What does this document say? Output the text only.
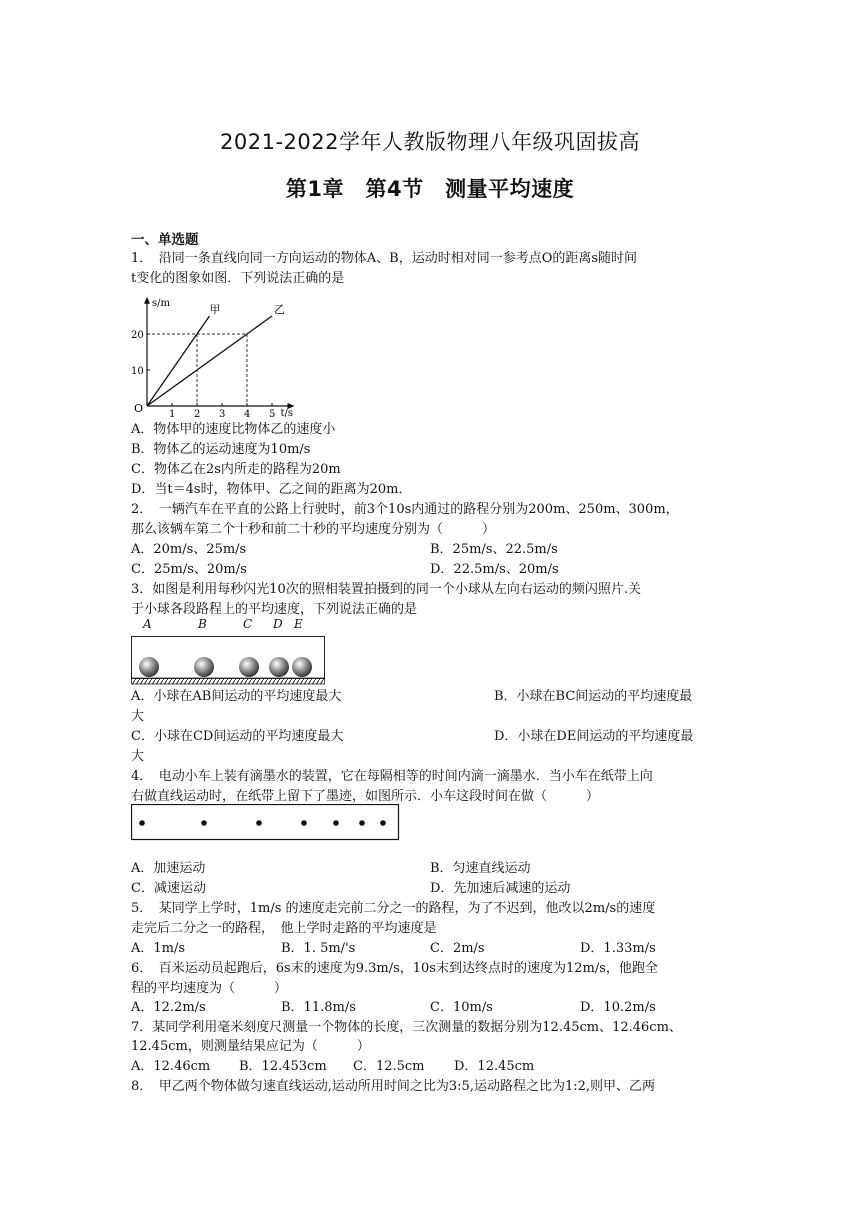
2021-2022学年人教版物理八年级巩固拔高
第1章　第4节　测量平均速度
一、单选题
1．　沿同一条直线向同一方向运动的物体A、B，运动时相对同一参考点O的距离s随时间
t变化的图象如图．下列说法正确的是
s/m
t/s
O	1 2 3 4 5
10
20
甲	乙
A．物体甲的速度比物体乙的速度小
B．物体乙的运动速度为10m/s
C．物体乙在2s内所走的路程为20m
D．当t＝4s时，物体甲、乙之间的距离为20m．
2．　一辆汽车在平直的公路上行驶时，前3个10s内通过的路程分别为200m、250m、300m，
那么该辆车第二个十秒和前二十秒的平均速度分别为（　　　）
A．20m/s、25m/s	B．25m/s、22.5m/s
C．25m/s、20m/s	D．22.5m/s、20m/s
3．如图是利用每秒闪光10次的照相装置拍摄到的同一个小球从左向右运动的频闪照片.关
于小球各段路程上的平均速度，下列说法正确的是
A	B	C D E
A．小球在AB间运动的平均速度最大	B．小球在BC间运动的平均速度最
大
C．小球在CD间运动的平均速度最大	D．小球在DE间运动的平均速度最
大
4．　电动小车上装有滴墨水的装置，它在每隔相等的时间内滴一滴墨水．当小车在纸带上向
右做直线运动时，在纸带上留下了墨迹，如图所示．小车这段时间在做（　　　）
A．加速运动	B．匀速直线运动
C．减速运动	D．先加速后减速的运动
5．　某同学上学时，1m/s 的速度走完前二分之一的路程，为了不迟到，他改以2m/s的速度
走完后二分之一的路程，　他上学时走路的平均速度是
A．1m/s	B．1. 5m/'s	C．2m/s	D．1.33m/s
6．　百米运动员起跑后，6s末的速度为9.3m/s，10s末到达终点时的速度为12m/s，他跑全
程的平均速度为（　　　）
A．12.2m/s	B．11.8m/s	C．10m/s	D．10.2m/s
7．某同学利用毫米刻度尺测量一个物体的长度，三次测量的数据分别为12.45cm、12.46cm、
12.45cm，则测量结果应记为（　　　）
A．12.46cm B．12.453cm C．12.5cm D．12.45cm
8．　甲乙两个物体做匀速直线运动,运动所用时间之比为3:5,运动路程之比为1:2,则甲、乙两
